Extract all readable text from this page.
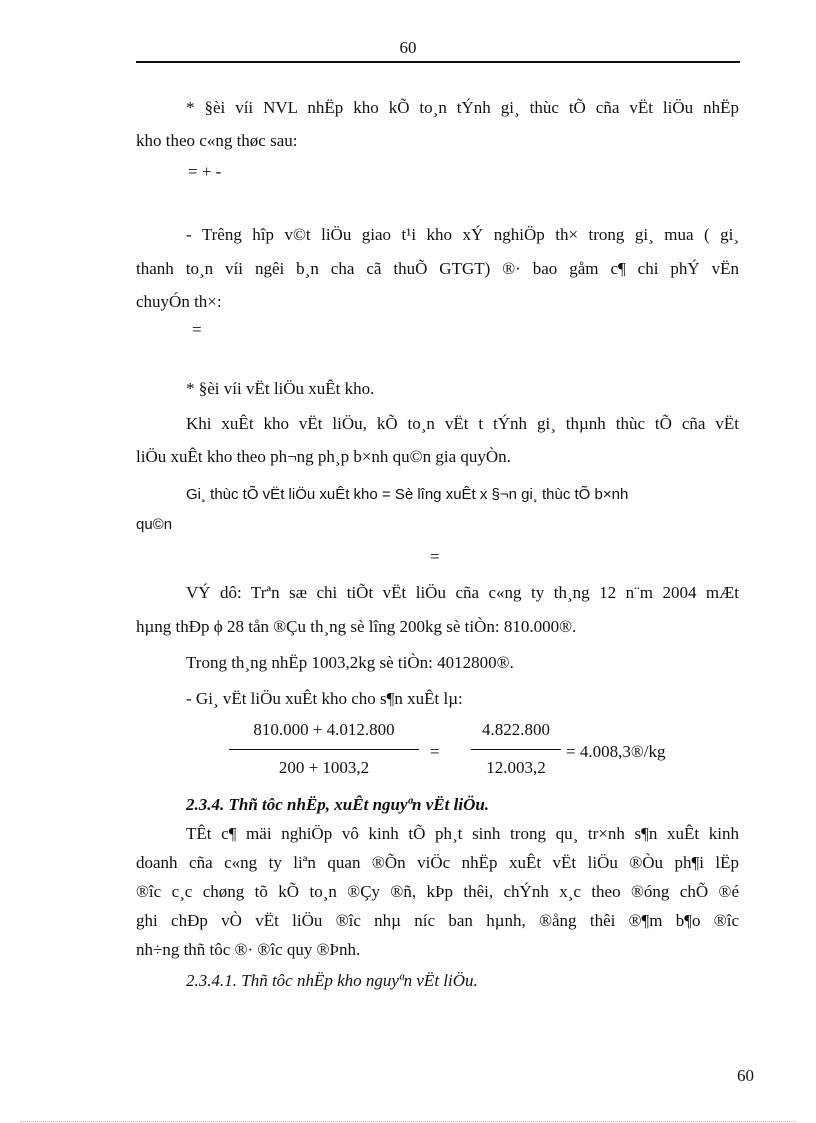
60

* §èi víi NVL nhËp kho kÕ to¸n tÝnh gi¸ thùc tÕ cña vËt liÖu nhËp

kho theo c«ng thøc sau:

= + -

- Trêng hîp v©t liÖu giao t¹i kho xÝ nghiÖp th× trong gi¸ mua ( gi¸

thanh to¸n víi ngêi b¸n cha cã thuÕ GTGT) ®· bao gåm c¶ chi phÝ vËn

chuyÓn th×:

=

* §èi víi vËt liÖu xuÊt kho.

Khi xuÊt kho vËt liÖu, kÕ to¸n vËt t tÝnh gi¸ thµnh thùc tÕ cña vËt

liÖu xuÊt kho theo ph¬ng ph¸p b×nh qu©n gia quyÒn.

Gi¸ thùc tÕ vËt liÖu xuÊt kho = Sè lîng xuÊt x §¬n gi¸ thùc tÕ b×nh

qu©n

=

VÝ dô: Trªn sæ chi tiÕt vËt liÖu cña c«ng ty th¸ng 12 n¨m 2004 mÆt

hµng thÐp ϕ 28 tån ®Çu th¸ng sè lîng 200kg sè tiÒn: 810.000®.

Trong th¸ng nhËp 1003,2kg sè tiÒn: 4012800®.

- Gi¸ vËt liÖu xuÊt kho cho s¶n xuÊt lµ:

810.000 + 4.012.800
200 + 1003,2
=
4.822.800
12.003,2
= 4.008,3®/kg

2.3.4. Thñ tôc nhËp, xuÊt nguyªn vËt liÖu.

TÊt c¶ mäi nghiÖp vô kinh tÕ ph¸t sinh trong qu¸ tr×nh s¶n xuÊt kinh

doanh cña c«ng ty liªn quan ®Õn viÖc nhËp xuÊt vËt liÖu ®Òu ph¶i lËp

®îc c¸c chøng tõ kÕ to¸n ®Çy ®ñ, kÞp thêi, chÝnh x¸c theo ®óng chÕ ®é

ghi chÐp vÒ vËt liÖu ®îc nhµ níc ban hµnh, ®ång thêi ®¶m b¶o ®îc

nh÷ng thñ tôc ®· ®îc quy ®Þnh.

2.3.4.1. Thñ tôc nhËp kho nguyªn vËt liÖu.

60
